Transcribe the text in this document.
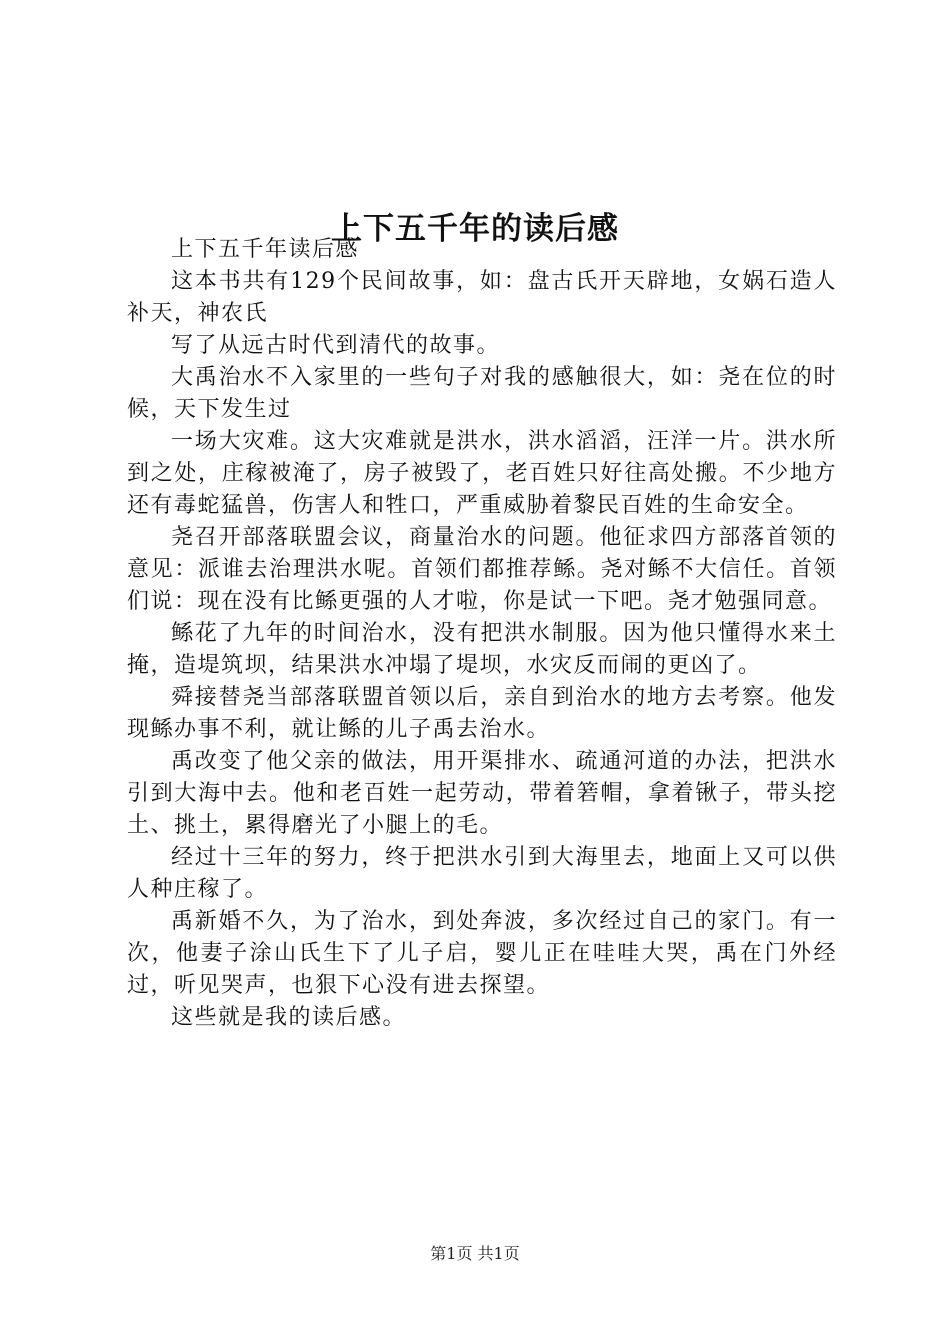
上下五千年的读后感

上下五千年读后感

这本书共有129个民间故事，如：盘古氏开天辟地，女娲石造人补天，神农氏

写了从远古时代到清代的故事。

大禹治水不入家里的一些句子对我的感触很大，如：尧在位的时候，天下发生过

一场大灾难。这大灾难就是洪水，洪水滔滔，汪洋一片。洪水所到之处，庄稼被淹了，房子被毁了，老百姓只好往高处搬。不少地方还有毒蛇猛兽，伤害人和牲口，严重威胁着黎民百姓的生命安全。

尧召开部落联盟会议，商量治水的问题。他征求四方部落首领的意见：派谁去治理洪水呢。首领们都推荐鲧。尧对鲧不大信任。首领们说：现在没有比鲧更强的人才啦，你是试一下吧。尧才勉强同意。

鲧花了九年的时间治水，没有把洪水制服。因为他只懂得水来土掩，造堤筑坝，结果洪水冲塌了堤坝，水灾反而闹的更凶了。

舜接替尧当部落联盟首领以后，亲自到治水的地方去考察。他发现鲧办事不利，就让鲧的儿子禹去治水。

禹改变了他父亲的做法，用开渠排水、疏通河道的办法，把洪水引到大海中去。他和老百姓一起劳动，带着箬帽，拿着锹子，带头挖土、挑土，累得磨光了小腿上的毛。

经过十三年的努力，终于把洪水引到大海里去，地面上又可以供人种庄稼了。

禹新婚不久，为了治水，到处奔波，多次经过自己的家门。有一次，他妻子涂山氏生下了儿子启，婴儿正在哇哇大哭，禹在门外经过，听见哭声，也狠下心没有进去探望。

这些就是我的读后感。

第1页 共1页
